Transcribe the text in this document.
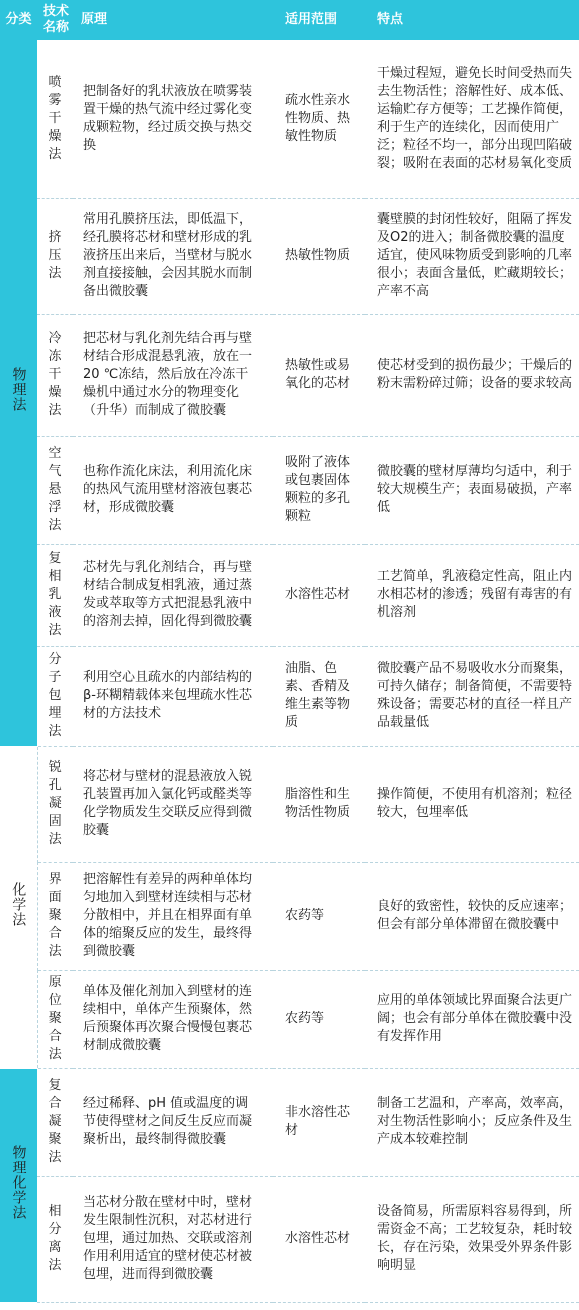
分类	技术名称	原理	适用范围	特点
物理法	喷雾干燥法	把制备好的乳状液放在喷雾装置干燥的热气流中经过雾化变成颗粒物，经过质交换与热交换	疏水性亲水性物质、热敏性物质	干燥过程短，避免长时间受热而失去生物活性；溶解性好、成本低、运输贮存方便等；工艺操作简便，利于生产的连续化，因而使用广泛；粒径不均一，部分出现凹陷破裂；吸附在表面的芯材易氧化变质
	挤压法	常用孔膜挤压法，即低温下，经孔膜将芯材和壁材形成的乳液挤压出来后，当壁材与脱水剂直接接触，会因其脱水而制备出微胶囊	热敏性物质	囊壁膜的封闭性较好，阻隔了挥发及O2的进入；制备微胶囊的温度适宜，使风味物质受到影响的几率很小；表面含量低，贮藏期较长；产率不高
	冷冻干燥法	把芯材与乳化剂先结合再与壁材结合形成混悬乳液，放在一20 ℃冻结，然后放在冷冻干燥机中通过水分的物理变化（升华）而制成了微胶囊	热敏性或易氧化的芯材	使芯材受到的损伤最少；干燥后的粉末需粉碎过筛；设备的要求较高
	空气悬浮法	也称作流化床法，利用流化床的热风气流用壁材溶液包裹芯材，形成微胶囊	吸附了液体或包裹固体颗粒的多孔颗粒	微胶囊的壁材厚薄均匀适中，利于较大规模生产；表面易破损，产率低
	复相乳液法	芯材先与乳化剂结合，再与壁材结合制成复相乳液，通过蒸发或萃取等方式把混悬乳液中的溶剂去掉，固化得到微胶囊	水溶性芯材	工艺简单，乳液稳定性高，阻止内水相芯材的渗透；残留有毒害的有机溶剂
	分子包埋法	利用空心且疏水的内部结构的β-环糊精载体来包埋疏水性芯材的方法技术	油脂、色素、香精及维生素等物质	微胶囊产品不易吸收水分而聚集，可持久储存；制备简便，不需要特殊设备；需要芯材的直径一样且产品载量低
化学法	锐孔凝固法	将芯材与壁材的混悬液放入锐孔装置再加入氯化钙或醛类等化学物质发生交联反应得到微胶囊	脂溶性和生物活性物质	操作简便，不使用有机溶剂；粒径较大，包埋率低
	界面聚合法	把溶解性有差异的两种单体均匀地加入到壁材连续相与芯材分散相中，并且在相界面有单体的缩聚反应的发生，最终得到微胶囊	农药等	良好的致密性，较快的反应速率；但会有部分单体滞留在微胶囊中
	原位聚合法	单体及催化剂加入到壁材的连续相中，单体产生预聚体，然后预聚体再次聚合慢慢包裹芯材制成微胶囊	农药等	应用的单体领域比界面聚合法更广阔；也会有部分单体在微胶囊中没有发挥作用
物理化学法	复合凝聚法	经过稀释、pH 值或温度的调节使得壁材之间反生反应而凝聚析出，最终制得微胶囊	非水溶性芯材	制备工艺温和，产率高，效率高，对生物活性影响小；反应条件及生产成本较难控制
	相分离法	当芯材分散在壁材中时，壁材发生限制性沉积，对芯材进行包埋，通过加热、交联或溶剂作用利用适宜的壁材使芯材被包埋，进而得到微胶囊	水溶性芯材	设备简易，所需原料容易得到，所需资金不高；工艺较复杂，耗时较长，存在污染，效果受外界条件影响明显
